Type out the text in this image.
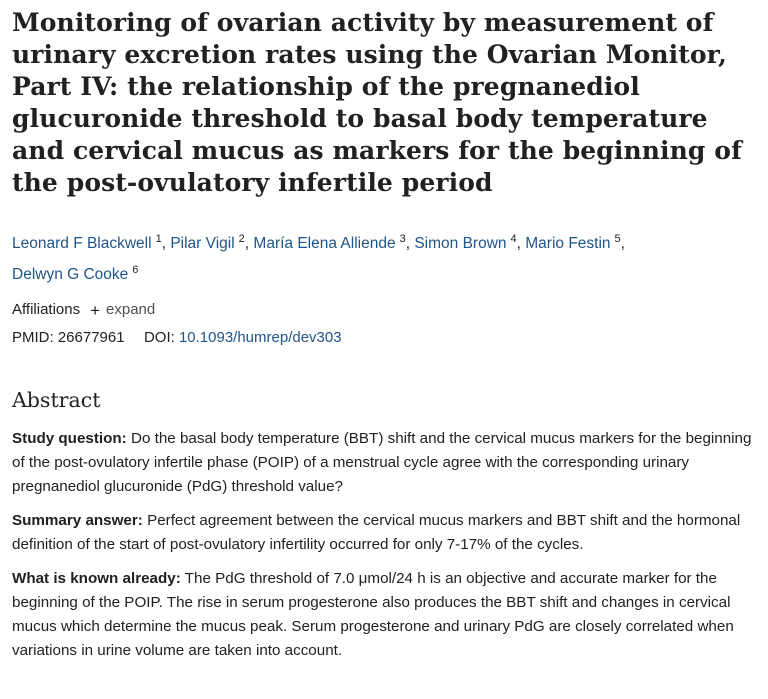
Monitoring of ovarian activity by measurement of urinary excretion rates using the Ovarian Monitor, Part IV: the relationship of the pregnanediol glucuronide threshold to basal body temperature and cervical mucus as markers for the beginning of the post-ovulatory infertile period
Leonard F Blackwell $^1$, Pilar Vigil $^2$, María Elena Alliende $^3$, Simon Brown $^4$, Mario Festin $^5$,
Delwyn G Cooke $^6$
Affiliations + expand
PMID: 26677961 DOI: 10.1093/humrep/dev303
Abstract

Study question: Do the basal body temperature (BBT) shift and the cervical mucus markers for the beginning of the post-ovulatory infertile phase (POIP) of a menstrual cycle agree with the corresponding urinary pregnanediol glucuronide (PdG) threshold value?

Summary answer: Perfect agreement between the cervical mucus markers and BBT shift and the hormonal definition of the start of post-ovulatory infertility occurred for only 7-17% of the cycles.

What is known already: The PdG threshold of 7.0 μmol/24 h is an objective and accurate marker for the beginning of the POIP. The rise in serum progesterone also produces the BBT shift and changes in cervical mucus which determine the mucus peak. Serum progesterone and urinary PdG are closely correlated when variations in urine volume are taken into account.
